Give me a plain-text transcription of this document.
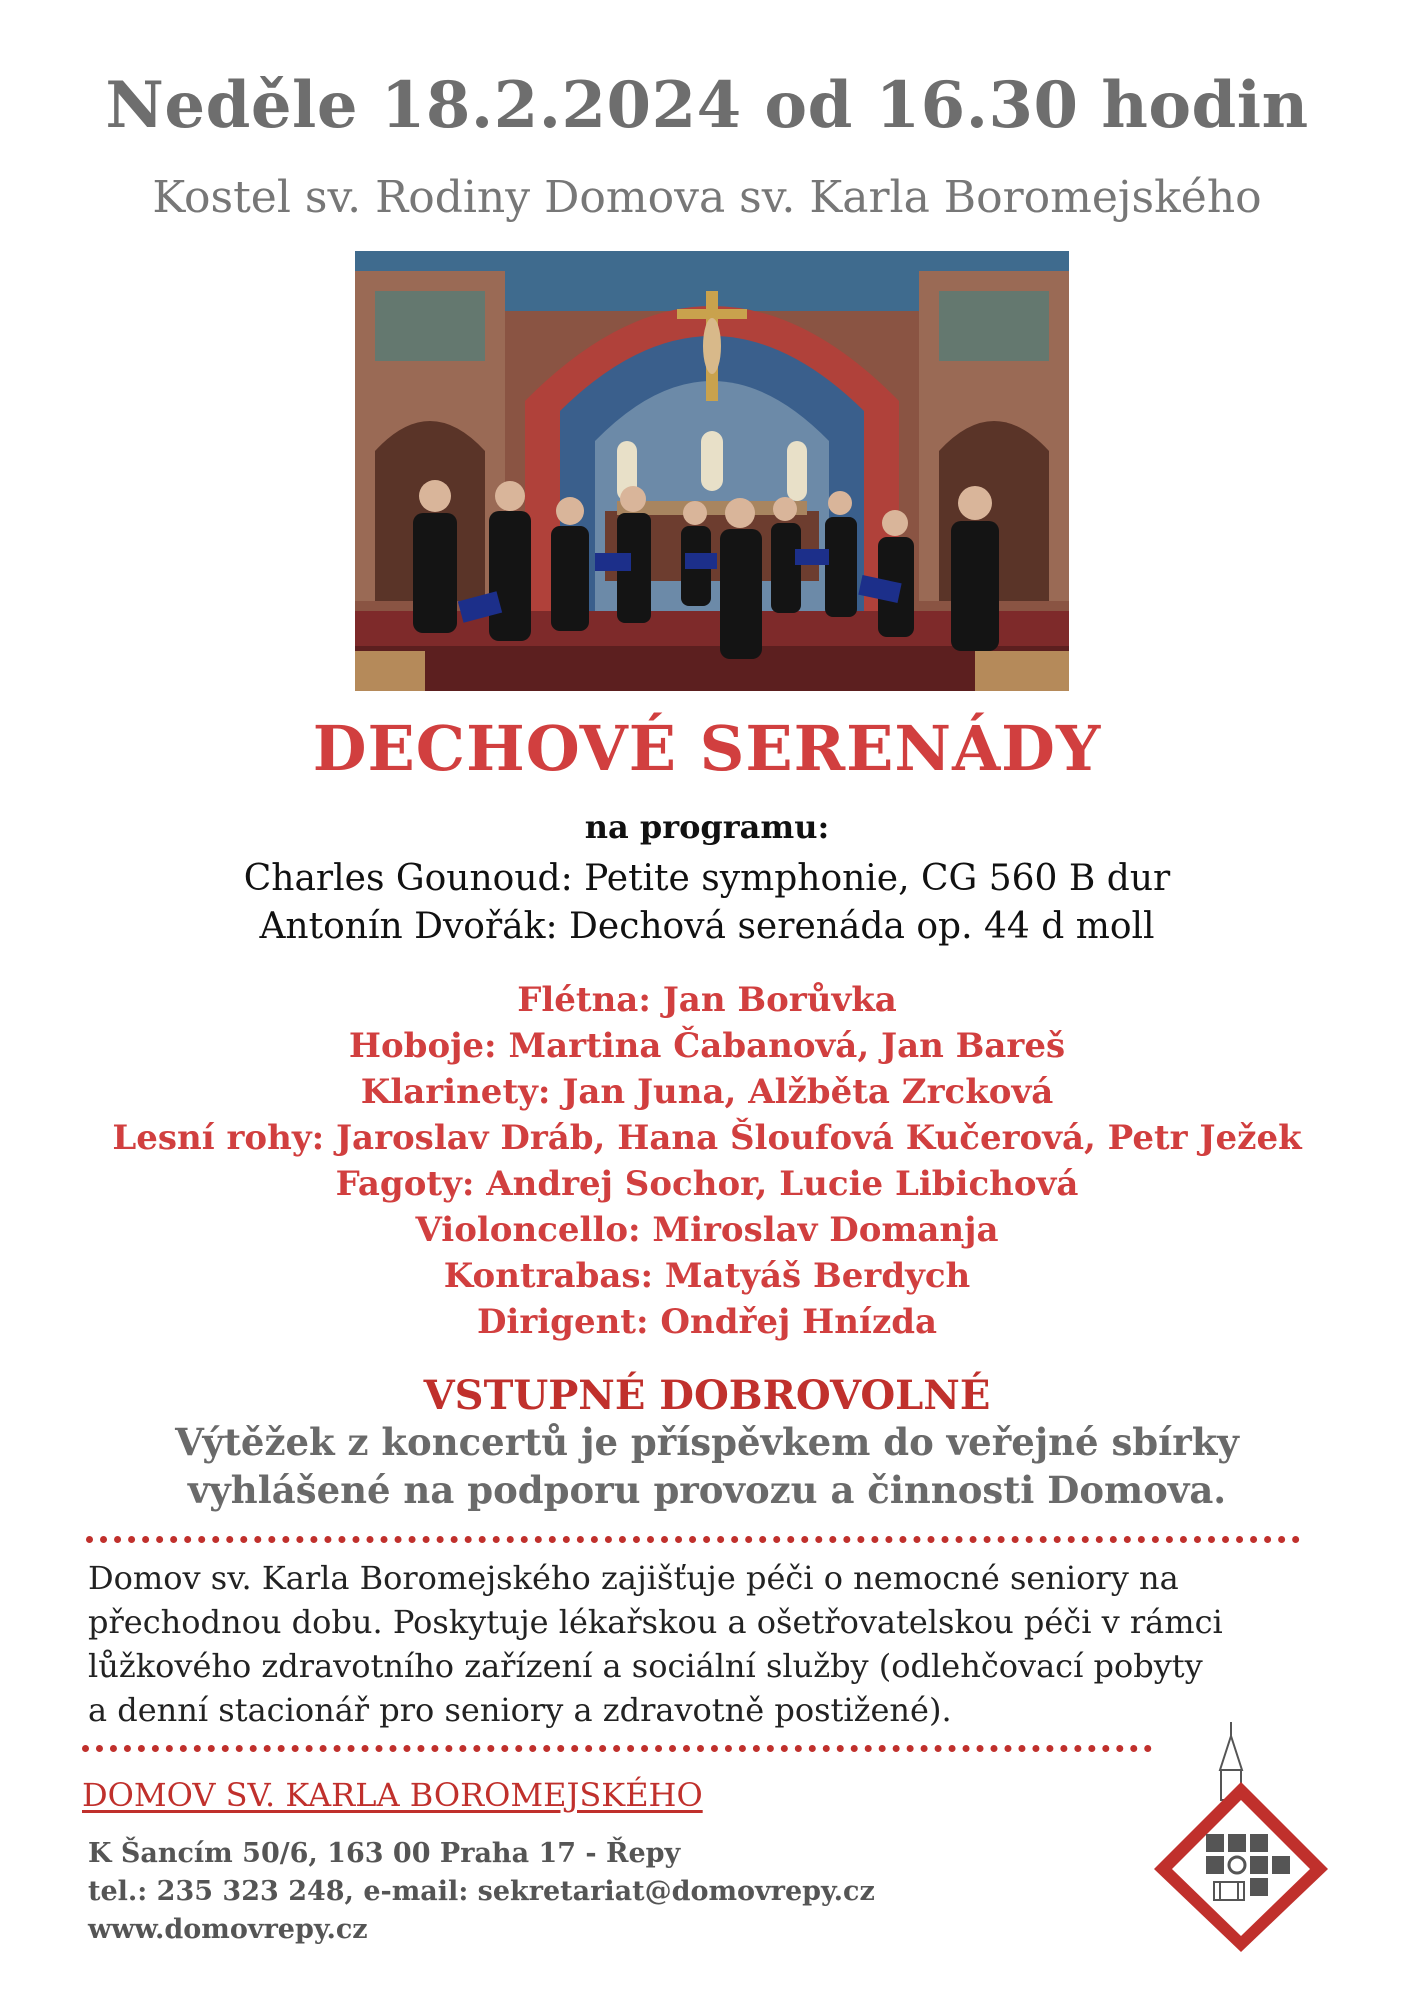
Neděle 18.2.2024 od 16.30 hodin
Kostel sv. Rodiny Domova sv. Karla Boromejského
DECHOVÉ SERENÁDY
na programu:
Charles Gounoud: Petite symphonie, CG 560 B dur
Antonín Dvořák: Dechová serenáda op. 44 d moll
Flétna: Jan Borůvka
Hoboje: Martina Čabanová, Jan Bareš
Klarinety: Jan Juna, Alžběta Zrcková
Lesní rohy: Jaroslav Dráb, Hana Šloufová Kučerová, Petr Ježek
Fagoty: Andrej Sochor, Lucie Libichová
Violoncello: Miroslav Domanja
Kontrabas: Matyáš Berdych
Dirigent: Ondřej Hnízda
VSTUPNÉ DOBROVOLNÉ
Výtěžek z koncertů je příspěvkem do veřejné sbírky
vyhlášené na podporu provozu a činnosti Domova.
Domov sv. Karla Boromejského zajišťuje péči o nemocné seniory na
přechodnou dobu. Poskytuje lékařskou a ošetřovatelskou péči v rámci
lůžkového zdravotního zařízení a sociální služby (odlehčovací pobyty
a denní stacionář pro seniory a zdravotně postižené).
DOMOV SV. KARLA BOROMEJSKÉHO
K Šancím 50/6, 163 00 Praha 17 - Řepy
tel.: 235 323 248, e-mail: sekretariat@domovrepy.cz
www.domovrepy.cz
